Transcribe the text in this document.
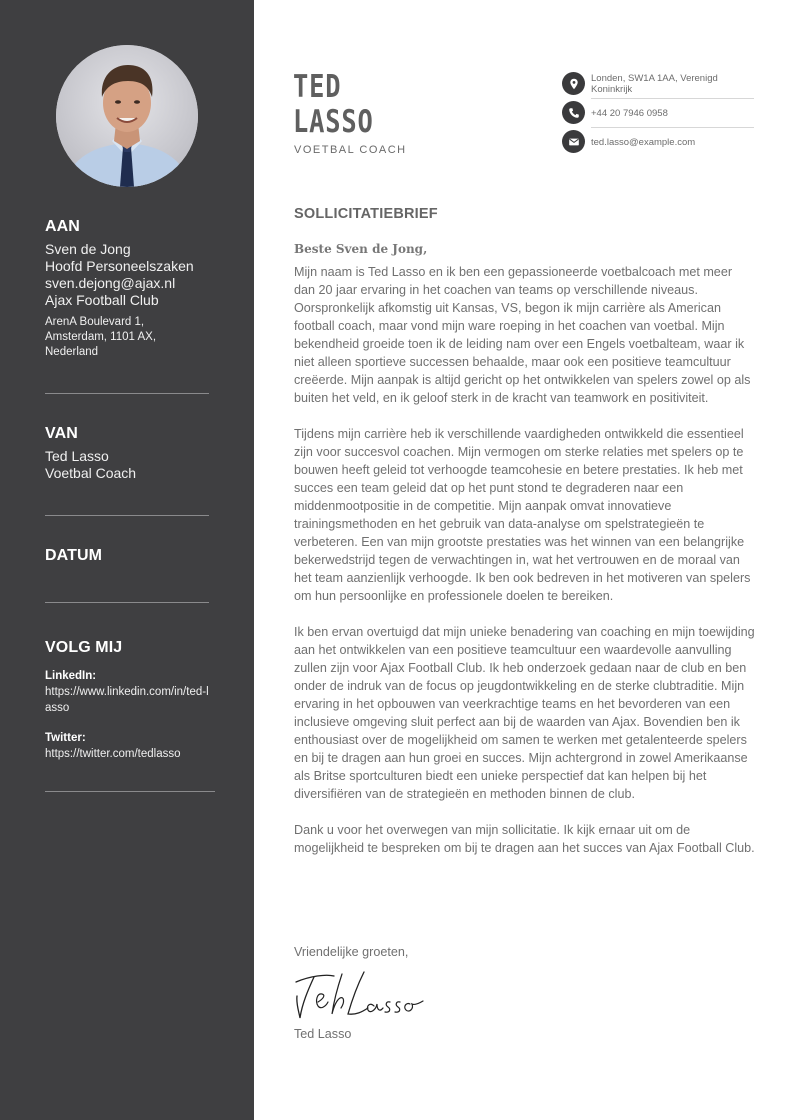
AAN
Sven de Jong
Hoofd Personeelszaken
sven.dejong@ajax.nl
Ajax Football Club
ArenA Boulevard 1, Amsterdam, 1101 AX, Nederland
VAN
Ted Lasso
Voetbal Coach
DATUM
VOLG MIJ
LinkedIn:
https://www.linkedin.com/in/ted-lasso
Twitter:
https://twitter.com/tedlasso
TED
LASSO
VOETBAL COACH
Londen, SW1A 1AA, Verenigd Koninkrijk
+44 20 7946 0958
ted.lasso@example.com
SOLLICITATIEBRIEF
Beste Sven de Jong,

Mijn naam is Ted Lasso en ik ben een gepassioneerde voetbalcoach met meer dan 20 jaar ervaring in het coachen van teams op verschillende niveaus. Oorspronkelijk afkomstig uit Kansas, VS, begon ik mijn carrière als American football coach, maar vond mijn ware roeping in het coachen van voetbal. Mijn bekendheid groeide toen ik de leiding nam over een Engels voetbalteam, waar ik niet alleen sportieve successen behaalde, maar ook een positieve teamcultuur creëerde. Mijn aanpak is altijd gericht op het ontwikkelen van spelers zowel op als buiten het veld, en ik geloof sterk in de kracht van teamwork en positiviteit.

Tijdens mijn carrière heb ik verschillende vaardigheden ontwikkeld die essentieel zijn voor succesvol coachen. Mijn vermogen om sterke relaties met spelers op te bouwen heeft geleid tot verhoogde teamcohesie en betere prestaties. Ik heb met succes een team geleid dat op het punt stond te degraderen naar een middenmootpositie in de competitie. Mijn aanpak omvat innovatieve trainingsmethoden en het gebruik van data-analyse om spelstrategieën te verbeteren. Een van mijn grootste prestaties was het winnen van een belangrijke bekerwedstrijd tegen de verwachtingen in, wat het vertrouwen en de moraal van het team aanzienlijk verhoogde. Ik ben ook bedreven in het motiveren van spelers om hun persoonlijke en professionele doelen te bereiken.

Ik ben ervan overtuigd dat mijn unieke benadering van coaching en mijn toewijding aan het ontwikkelen van een positieve teamcultuur een waardevolle aanvulling zullen zijn voor Ajax Football Club. Ik heb onderzoek gedaan naar de club en ben onder de indruk van de focus op jeugdontwikkeling en de sterke clubtraditie. Mijn ervaring in het opbouwen van veerkrachtige teams en het bevorderen van een inclusieve omgeving sluit perfect aan bij de waarden van Ajax. Bovendien ben ik enthousiast over de mogelijkheid om samen te werken met getalenteerde spelers en bij te dragen aan hun groei en succes. Mijn achtergrond in zowel Amerikaanse als Britse sportculturen biedt een unieke perspectief dat kan helpen bij het diversifiëren van de strategieën en methoden binnen de club.

Dank u voor het overwegen van mijn sollicitatie. Ik kijk ernaar uit om de mogelijkheid te bespreken om bij te dragen aan het succes van Ajax Football Club.

Vriendelijke groeten,
Ted Lasso
